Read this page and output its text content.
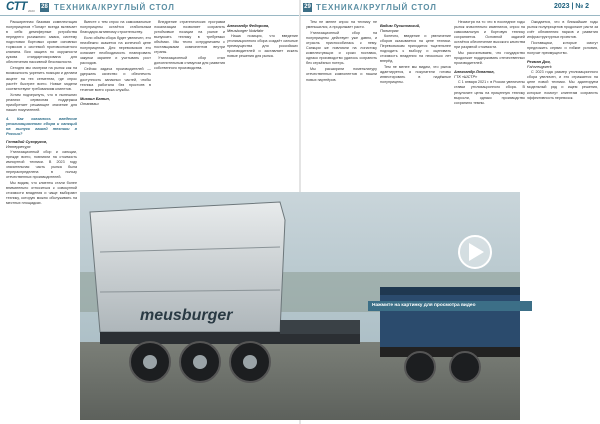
СТТ 2023
28 ТЕХНИКА/КРУГЛЫЙ СТОЛ

Расширенная базовая комплектация полуприцепов «Тонар» всегда включает в себя демпферные устройства переднего рычажного замка, систему подготовки бортовых кроме основных тормозов с системой противооткатного клапана. Вся защита по окружности кузова стандартизирована для обеспечения пассивной безопасности.

Сегодня мы смотрим на рынок как на возможность укрепить позиции и делаем акцент на тех сегментах, где спрос растёт быстрее всего. Новые модели соответствуют требованиям клиентов.

Хотим подчеркнуть, что в нынешних реалиях сервисная поддержка приобретает решающее значение для наших покупателей.

4. Как сказалось введение утилизационного сбора и санкций на выпуск вашей техники в России?
Геннадий Сухоруков,
Интерресурс

Утилизационный сбор и санкции, прежде всего, повлияли на стоимость импортной техники. В 2023 году значительная часть рынка была перераспределена в пользу отечественных производителей.

Мы видим, что клиенты стали более внимательно относиться к совокупной стоимости владения и чаще выбирают технику, которую можно обслуживать на местных площадках.

Вместе с тем спрос на самосвальные полуприцепы остаётся стабильным благодаря активному строительству.

Если объём сбора будет увеличен, это неизбежно скажется на конечной цене полуприцепов. Для перевозчиков это означает необходимость планировать закупки заранее и учитывать рост расходов.

Сейчас задача производителей — удержать качество и обеспечить доступность запасных частей, чтобы техника работала без простоев в течение всего срока службы.

Михаил Батин,
Отанмаш

Внедрение стратегических программ локализации позволяет сохранять устойчивые позиции на рынке и выпускать технику в требуемых объёмах. Мы тесно сотрудничаем с поставщиками компонентов внутри страны.

Утилизационный сбор стал дополнительным стимулом для развития собственного производства.

Александр Федорова,
Meusburger Nutzfahr

Наша позиция, что введение утилизационного сбора создаёт сильные преимущества для российских производителей и заставляет искать новые решения для рынка.

29 ТЕХНИКА/КРУГЛЫЙ СТОЛ	2023 | № 2

Тем не менее спрос на технику не уменьшился, а продолжает расти.

Утилизационный сбор на полуприцепы действует уже давно, и отрасль приспособилась к нему. Санкции же повлияли на логистику комплектующих и сроки поставок, однако производство удалось сохранить без серьёзных потерь.

Мы расширили номенклатуру отечественных компонентов и нашли новых партнёров.

Вадим Пухиновский,
Политрас

Конечно, введение и увеличение сборов сказывается на цене техники. Перевозчикам приходится тщательнее подходить к выбору и оценивать стоимость владения на несколько лет вперёд.

Тем не менее мы видим, что рынок адаптируется, а покупатели готовы инвестировать в надёжные полуприцепы.

Несмотря на то что в последние годы рынок значительно изменился, спрос на самосвальную и бортовую технику сохраняется. Основной задачей остаётся обеспечение высокого качества при разумной стоимости.

Мы рассчитываем, что государство продолжит поддерживать отечественных производителей.

Александр Лопатов,
ГТК «ШСТР»

С 1 января 2021 г. в России увеличены ставки утилизационного сбора. В результате цены на прицепную технику выросли, однако производство сохранило темпы.

Ожидается, что в ближайшие годы рынок полуприцепов продолжит расти за счёт обновления парков и развития инфраструктурных проектов.

Поставщики, которые смогут предложить сервис и гибкие условия, получат преимущество.

Регман Доя,
Fahrzeugwerk

С 2023 года размер утилизационного сбора увеличен, и это отражается на цене новой техники. Мы адаптируем модельный ряд и ищем решения, которые помогут клиентам сохранить эффективность перевозок.

meusburger
Нажмите на картинку для просмотра видео
